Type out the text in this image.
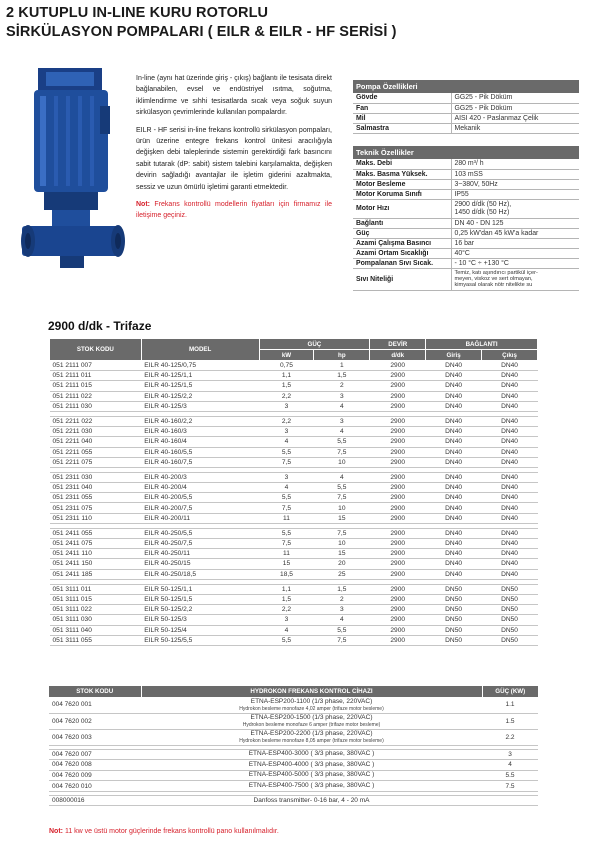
2 KUTUPLU IN-LINE KURU ROTORLU
SİRKÜLASYON POMPALARI ( EILR & EILR - HF SERİSİ )

In-line (aynı hat üzerinde giriş - çıkış) bağlantı ile tesisata direkt bağlanabilen, evsel ve endüstriyel ısıtma, soğutma, iklimlendirme ve sıhhi tesisatlarda sıcak veya soğuk suyun sirkülasyon çevrimlerinde kullanılan pompalardır.

EILR - HF serisi in-line frekans kontrollü sirkülasyon pompaları, ürün üzerine entegre frekans kontrol ünitesi aracılığıyla değişken debi taleplerinde sistemin gerektirdiği fark basıncını sabit tutarak (dP: sabit) sistem talebini karşılamakta, değişken devirin sağladığı avantajlar ile işletim giderini azaltmakta, sessiz ve uzun ömürlü işletimi garanti etmektedir.

Not: Frekans kontrollü modellerin fiyatları için firmamız ile iletişime geçiniz.

Pompa Özellikleri	
Gövde	GG25 - Pik Döküm
Fan	GG25 - Pik Döküm
Mil	AISI 420 - Paslanmaz Çelik
Salmastra	Mekanik
Teknik Özellikler	
Maks. Debi	280 m³/ h
Maks. Basma Yüksek.	103 mSS
Motor Besleme	3~380V, 50Hz
Motor Koruma Sınıfı	IP55
Motor Hızı	2900 d/dk (50 Hz),
1450 d/dk (50 Hz)
Bağlantı	DN 40 - DN 125
Güç	0,25 kW'dan 45 kW'a kadar
Azami Çalışma Basıncı	16 bar
Azami Ortam Sıcaklığı	40°C
Pompalanan Sıvı Sıcak.	- 10 °C ÷ +130 °C
Sıvı Niteliği	Temiz, katı aşındırıcı partikül içer-
meyen, viskoz ve sert olmayan,
kimyasal olarak nötr nitelikte su
2900 d/dk - Trifaze
STOK KODU	MODEL	GÜÇ		DEVİR	BAĞLANTI	
		kW	hp	d/dk	Giriş	Çıkış
051 2111 007	EILR 40-125/0,75	0,75	1	2900	DN40	DN40
051 2111 011	EILR 40-125/1,1	1,1	1,5	2900	DN40	DN40
051 2111 015	EILR 40-125/1,5	1,5	2	2900	DN40	DN40
051 2111 022	EILR 40-125/2,2	2,2	3	2900	DN40	DN40
051 2111 030	EILR 40-125/3	3	4	2900	DN40	DN40

051 2211 022	EILR 40-160/2,2	2,2	3	2900	DN40	DN40
051 2211 030	EILR 40-160/3	3	4	2900	DN40	DN40
051 2211 040	EILR 40-160/4	4	5,5	2900	DN40	DN40
051 2211 055	EILR 40-160/5,5	5,5	7,5	2900	DN40	DN40
051 2211 075	EILR 40-160/7,5	7,5	10	2900	DN40	DN40

051 2311 030	EILR 40-200/3	3	4	2900	DN40	DN40
051 2311 040	EILR 40-200/4	4	5,5	2900	DN40	DN40
051 2311 055	EILR 40-200/5,5	5,5	7,5	2900	DN40	DN40
051 2311 075	EILR 40-200/7,5	7,5	10	2900	DN40	DN40
051 2311 110	EILR 40-200/11	11	15	2900	DN40	DN40

051 2411 055	EILR 40-250/5,5	5,5	7,5	2900	DN40	DN40
051 2411 075	EILR 40-250/7,5	7,5	10	2900	DN40	DN40
051 2411 110	EILR 40-250/11	11	15	2900	DN40	DN40
051 2411 150	EILR 40-250/15	15	20	2900	DN40	DN40
051 2411 185	EILR 40-250/18,5	18,5	25	2900	DN40	DN40

051 3111 011	EILR 50-125/1,1	1,1	1,5	2900	DN50	DN50
051 3111 015	EILR 50-125/1,5	1,5	2	2900	DN50	DN50
051 3111 022	EILR 50-125/2,2	2,2	3	2900	DN50	DN50
051 3111 030	EILR 50-125/3	3	4	2900	DN50	DN50
051 3111 040	EILR 50-125/4	4	5,5	2900	DN50	DN50
051 3111 055	EILR 50-125/5,5	5,5	7,5	2900	DN50	DN50
STOK KODU	HYDROKON FREKANS KONTROL CİHAZI	GÜÇ (KW)
004 7620 001	ETNA-ESP200-1100 (1/3 phase, 220VAC)
Hydrokon besleme monofaze 4,02 amper (trifaze motor besleme)	1.1
004 7620 002	ETNA-ESP200-1500 (1/3 phase, 220VAC)
Hydrokon besleme monofaze 6 amper (trifaze motor besleme)	1.5
004 7620 003	ETNA-ESP200-2200 (1/3 phase, 220VAC)
Hydrokon besleme monofaze 8,05 amper (trifaze motor besleme)	2.2

004 7620 007	ETNA-ESP400-3000 ( 3/3 phase, 380VAC )	3
004 7620 008	ETNA-ESP400-4000 ( 3/3 phase, 380VAC )	4
004 7620 009	ETNA-ESP400-5000 ( 3/3 phase, 380VAC )	5.5
004 7620 010	ETNA-ESP400-7500 ( 3/3 phase, 380VAC )	7.5

008000016	Danfoss transmitter- 0-16 bar, 4 - 20 mA	

Not: 11 kw ve üstü motor güçlerinde frekans kontrollü pano kullanılmalıdır.
